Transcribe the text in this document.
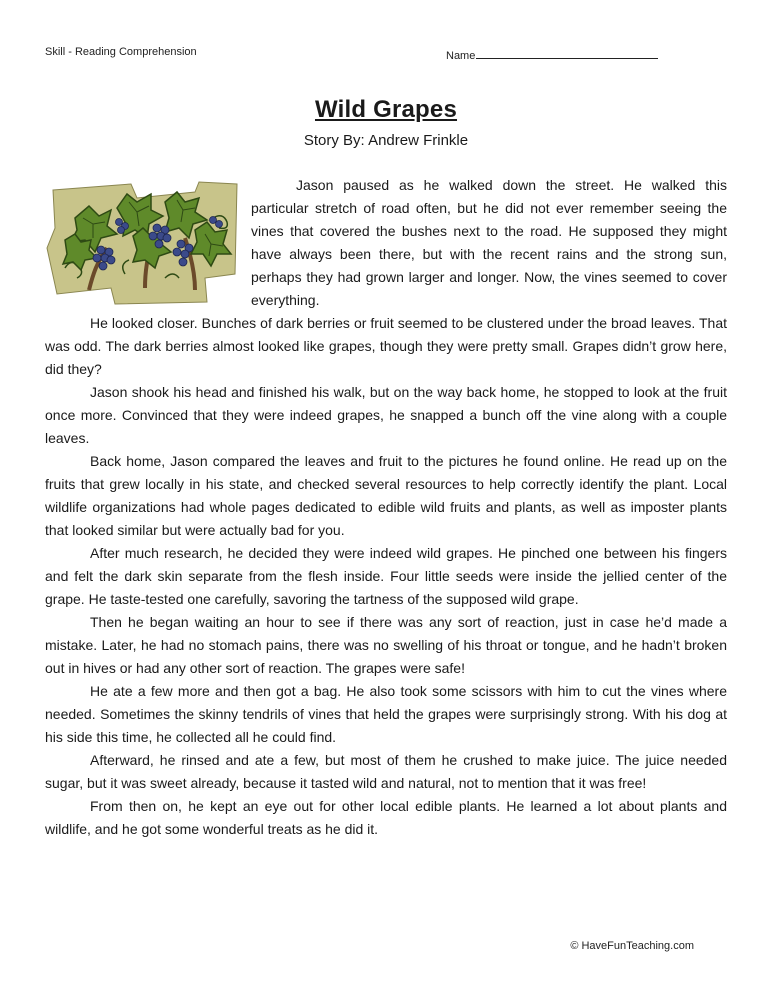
Skill - Reading Comprehension	Name
Wild Grapes
Story By: Andrew Frinkle

Jason paused as he walked down the street. He walked this particular stretch of road often, but he did not ever remember seeing the vines that covered the bushes next to the road. He supposed they might have always been there, but with the recent rains and the strong sun, perhaps they had grown larger and longer. Now, the vines seemed to cover everything.

He looked closer. Bunches of dark berries or fruit seemed to be clustered under the broad leaves. That was odd. The dark berries almost looked like grapes, though they were pretty small. Grapes didn’t grow here, did they?

Jason shook his head and finished his walk, but on the way back home, he stopped to look at the fruit once more. Convinced that they were indeed grapes, he snapped a bunch off the vine along with a couple leaves.

Back home, Jason compared the leaves and fruit to the pictures he found online. He read up on the fruits that grew locally in his state, and checked several resources to help correctly identify the plant. Local wildlife organizations had whole pages dedicated to edible wild fruits and plants, as well as imposter plants that looked similar but were actually bad for you.

After much research, he decided they were indeed wild grapes. He pinched one between his fingers and felt the dark skin separate from the flesh inside. Four little seeds were inside the jellied center of the grape. He taste-tested one carefully, savoring the tartness of the supposed wild grape.

Then he began waiting an hour to see if there was any sort of reaction, just in case he’d made a mistake. Later, he had no stomach pains, there was no swelling of his throat or tongue, and he hadn’t broken out in hives or had any other sort of reaction. The grapes were safe!

He ate a few more and then got a bag. He also took some scissors with him to cut the vines where needed. Sometimes the skinny tendrils of vines that held the grapes were surprisingly strong. With his dog at his side this time, he collected all he could find.

Afterward, he rinsed and ate a few, but most of them he crushed to make juice. The juice needed sugar, but it was sweet already, because it tasted wild and natural, not to mention that it was free!

From then on, he kept an eye out for other local edible plants. He learned a lot about plants and wildlife, and he got some wonderful treats as he did it.

© HaveFunTeaching.com
